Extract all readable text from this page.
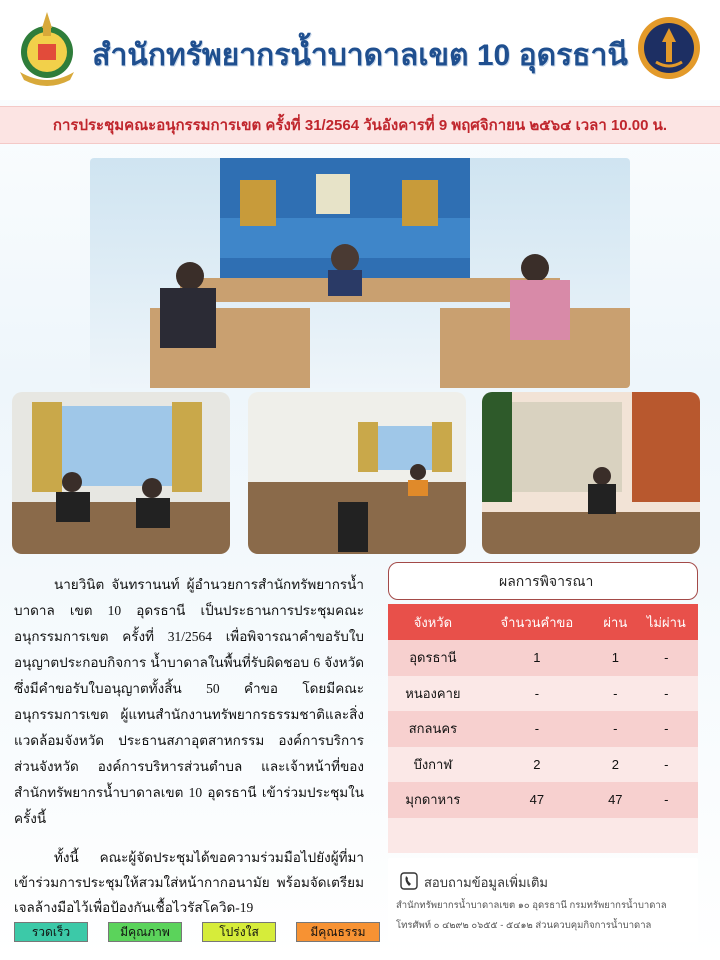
สำนักทรัพยากรน้ำบาดาลเขต 10 อุดรธานี
การประชุมคณะอนุกรรมการเขต ครั้งที่ 31/2564 วันอังคารที่ 9 พฤศจิกายน ๒๕๖๔ เวลา 10.00 น.
นายวินิต จันทรานนท์ ผู้อำนวยการสำนักทรัพยากรน้ำบาดาล เขต 10 อุดรธานี เป็นประธานการประชุมคณะอนุกรรมการเขต ครั้งที่ 31/2564 เพื่อพิจารณาคำขอรับใบอนุญาตประกอบกิจการ น้ำบาดาลในพื้นที่รับผิดชอบ 6 จังหวัด ซึ่งมีคำขอรับใบอนุญาตทั้งสิ้น 50 คำขอ โดยมีคณะอนุกรรมการเขต ผู้แทนสำนักงานทรัพยากรธรรมชาติและสิ่งแวดล้อมจังหวัด ประธานสภาอุตสาหกรรม องค์การบริการส่วนจังหวัด องค์การบริหารส่วนตำบล และเจ้าหน้าที่ของสำนักทรัพยากรน้ำบาดาลเขต 10 อุดรธานี เข้าร่วมประชุมในครั้งนี้
ทั้งนี้ คณะผู้จัดประชุมได้ขอความร่วมมือไปยังผู้ที่มาเข้าร่วมการประชุมให้สวมใส่หน้ากากอนามัย พร้อมจัดเตรียมเจลล้างมือไว้เพื่อป้องกันเชื้อไวรัสโควิด-19
ผลการพิจารณา
จังหวัด	จำนวนคำขอ	ผ่าน	ไม่ผ่าน
อุดรธานี	1	1	-
หนองคาย	-	-	-
สกลนคร	-	-	-
บึงกาฬ	2	2	-
มุกดาหาร	47	47	-

สอบถามข้อมูลเพิ่มเติม
สำนักทรัพยากรน้ำบาดาลเขต ๑๐ อุดรธานี กรมทรัพยากรน้ำบาดาล
โทรศัพท์ ๐ ๔๒๙๒ ๐๖๕๕ - ๕๔๑๒ ส่วนควบคุมกิจการน้ำบาดาล
รวดเร็ว	มีคุณภาพ	โปร่งใส	มีคุณธรรม
